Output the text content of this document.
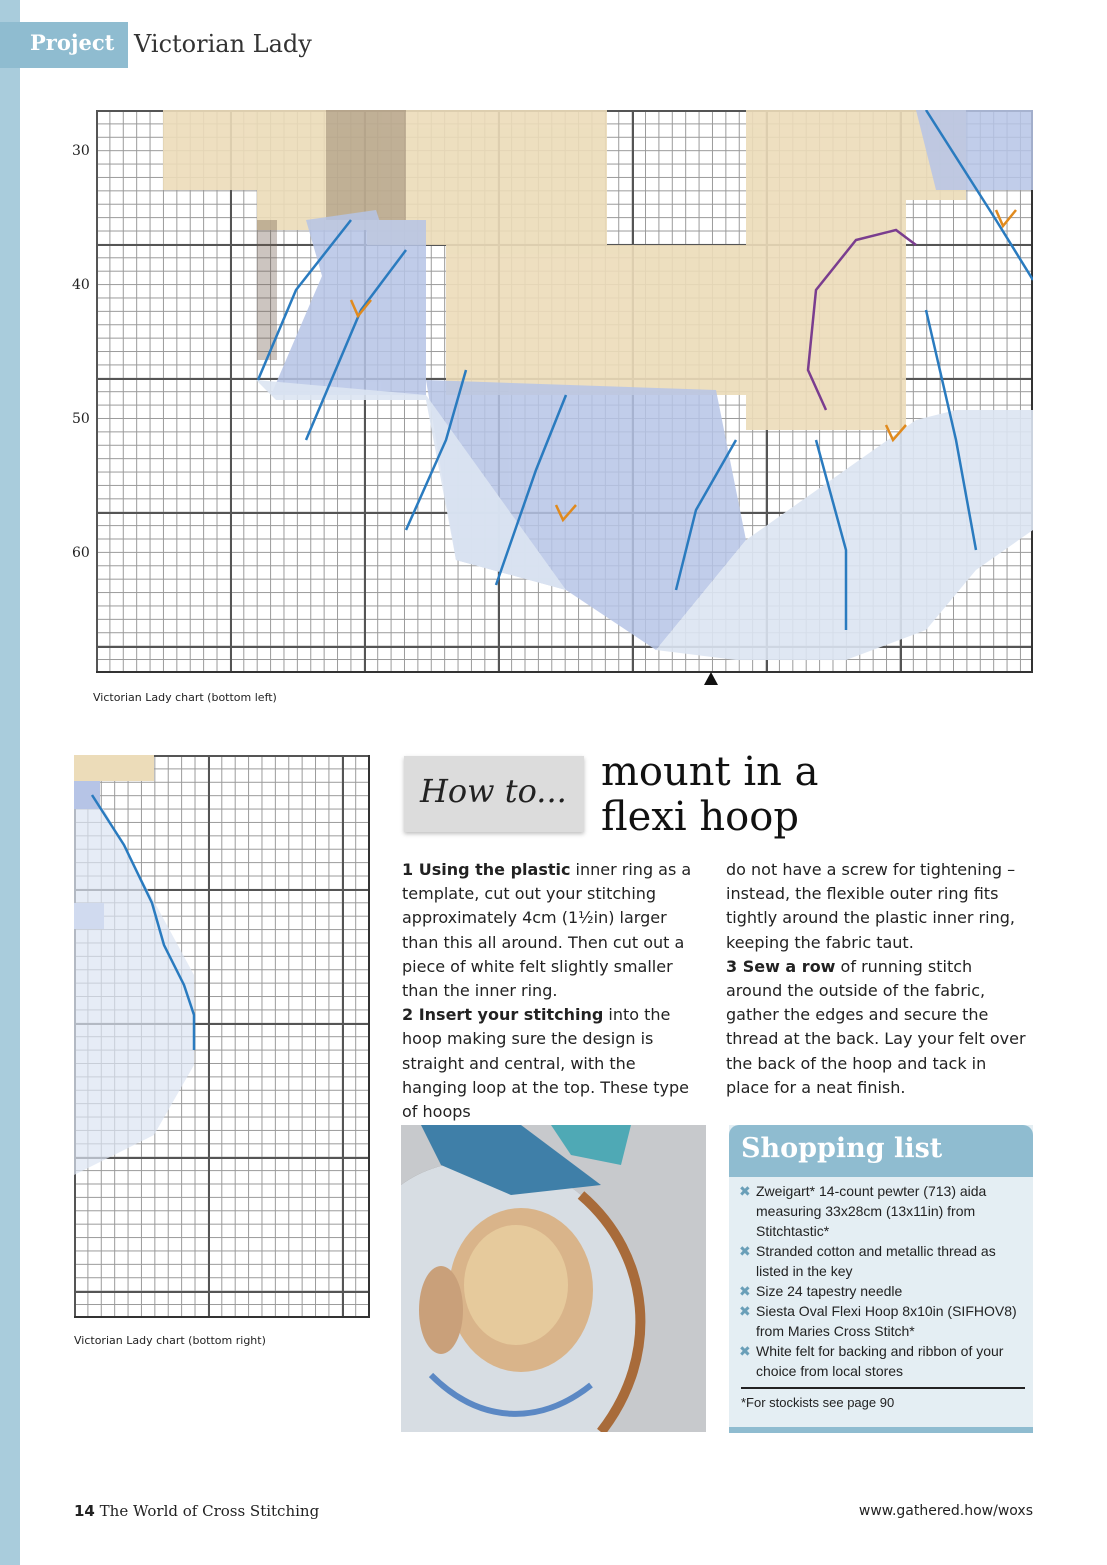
Project Victorian Lady
30
40
50
60
Victorian Lady chart (bottom left)
Victorian Lady chart (bottom right)
How to... mount in a
flexi hoop

1 Using the plastic inner ring as a template, cut out your stitching approximately 4cm (1½in) larger than this all around. Then cut out a piece of white felt slightly smaller than the inner ring.

2 Insert your stitching into the hoop making sure the design is straight and central, with the hanging loop at the top. These type of hoops

do not have a screw for tightening – instead, the flexible outer ring fits tightly around the plastic inner ring, keeping the fabric taut.

3 Sew a row of running stitch around the outside of the fabric, gather the edges and secure the thread at the back. Lay your felt over the back of the hoop and tack in place for a neat finish.

Shopping list
✖ Zweigart* 14-count pewter (713) aida measuring 33x28cm (13x11in) from Stitchtastic*
✖ Stranded cotton and metallic thread as listed in the key
✖ Size 24 tapestry needle
✖ Siesta Oval Flexi Hoop 8x10in (SIFHOV8) from Maries Cross Stitch*
✖ White felt for backing and ribbon of your choice from local stores
*For stockists see page 90
14 The World of Cross Stitching	www.gathered.how/woxs
